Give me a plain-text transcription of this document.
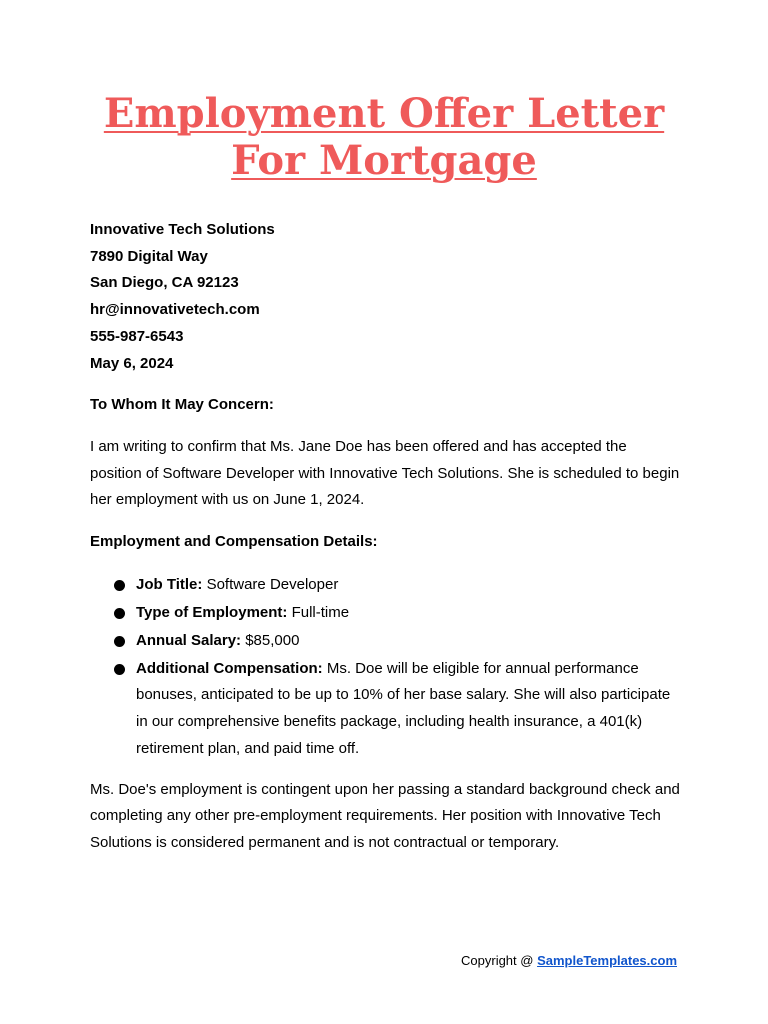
Employment Offer Letter
For Mortgage
Innovative Tech Solutions
7890 Digital Way
San Diego, CA 92123
hr@innovativetech.com
555-987-6543
May 6, 2024
To Whom It May Concern:
I am writing to confirm that Ms. Jane Doe has been offered and has accepted the position of Software Developer with Innovative Tech Solutions. She is scheduled to begin her employment with us on June 1, 2024.
Employment and Compensation Details:
Job Title: Software Developer
Type of Employment: Full-time
Annual Salary: $85,000
Additional Compensation: Ms. Doe will be eligible for annual performance bonuses, anticipated to be up to 10% of her base salary. She will also participate in our comprehensive benefits package, including health insurance, a 401(k) retirement plan, and paid time off.
Ms. Doe's employment is contingent upon her passing a standard background check and completing any other pre-employment requirements. Her position with Innovative Tech Solutions is considered permanent and is not contractual or temporary.
Copyright @ SampleTemplates.com
